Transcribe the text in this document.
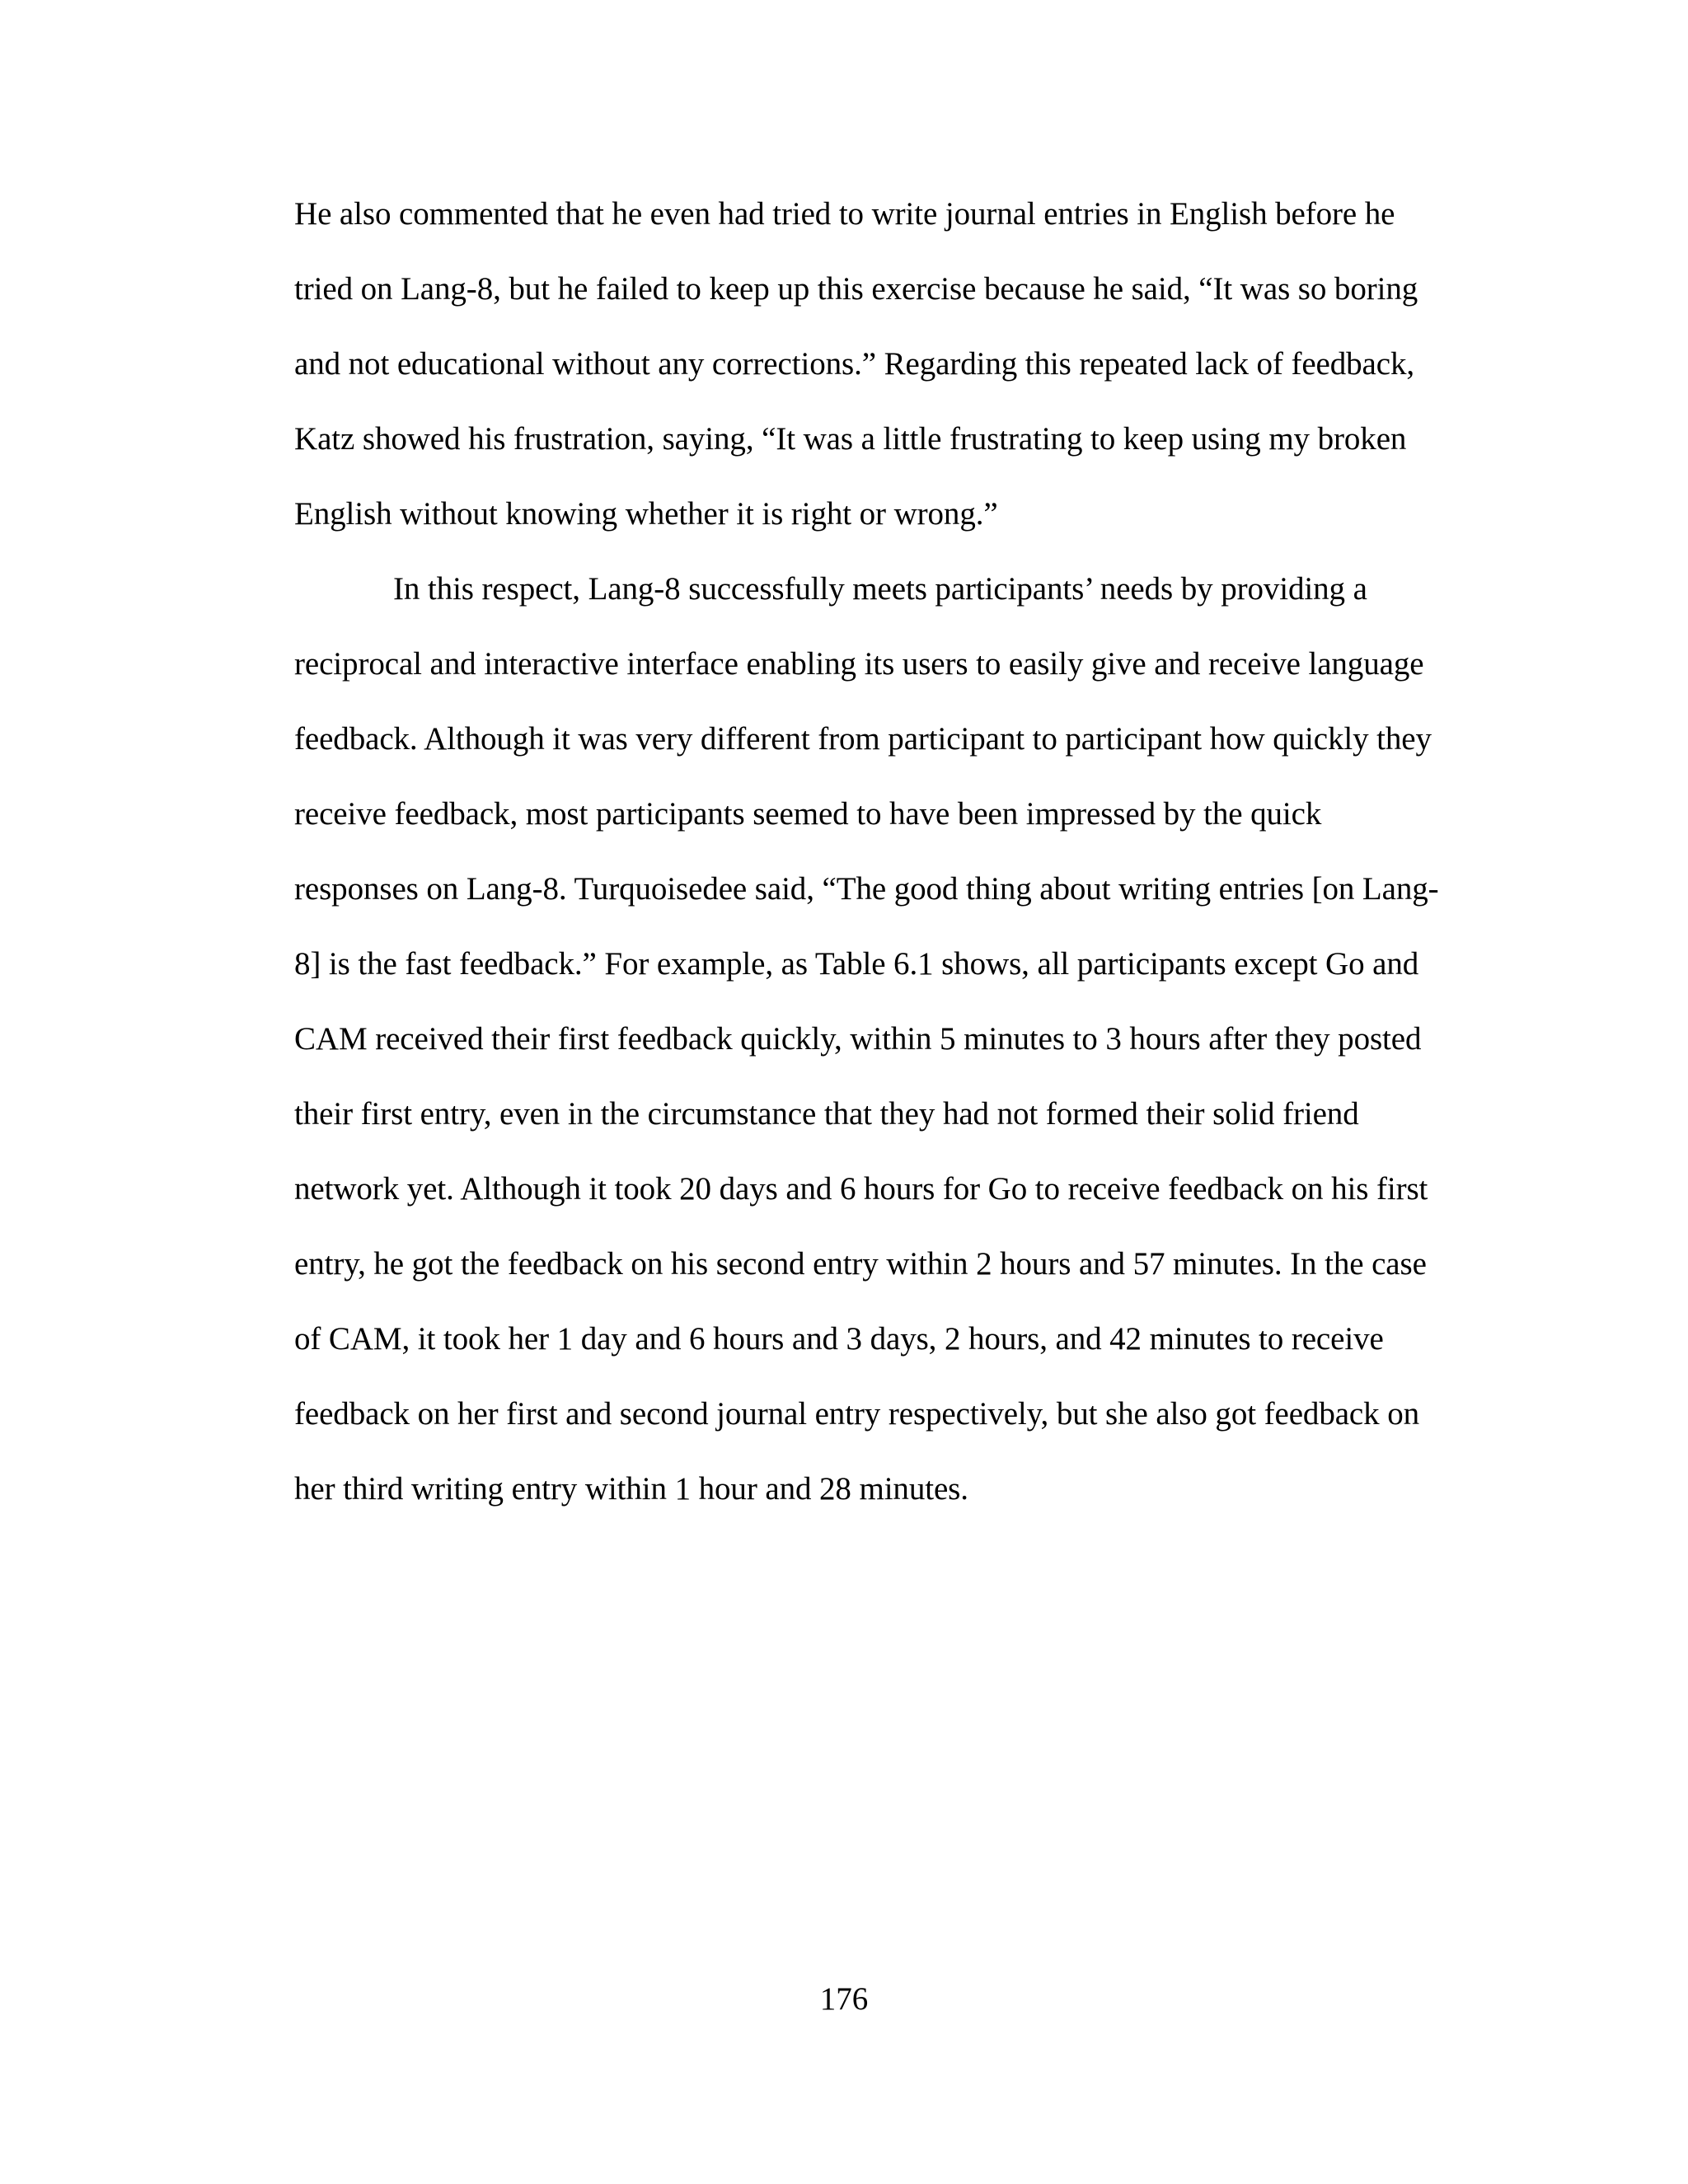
He also commented that he even had tried to write journal entries in English before he
tried on Lang-8, but he failed to keep up this exercise because he said, “It was so boring
and not educational without any corrections.” Regarding this repeated lack of feedback,
Katz showed his frustration, saying, “It was a little frustrating to keep using my broken
English without knowing whether it is right or wrong.”
In this respect, Lang-8 successfully meets participants’ needs by providing a
reciprocal and interactive interface enabling its users to easily give and receive language
feedback. Although it was very different from participant to participant how quickly they
receive feedback, most participants seemed to have been impressed by the quick
responses on Lang-8. Turquoisedee said, “The good thing about writing entries [on Lang-
8] is the fast feedback.” For example, as Table 6.1 shows, all participants except Go and
CAM received their first feedback quickly, within 5 minutes to 3 hours after they posted
their first entry, even in the circumstance that they had not formed their solid friend
network yet. Although it took 20 days and 6 hours for Go to receive feedback on his first
entry, he got the feedback on his second entry within 2 hours and 57 minutes. In the case
of CAM, it took her 1 day and 6 hours and 3 days, 2 hours, and 42 minutes to receive
feedback on her first and second journal entry respectively, but she also got feedback on
her third writing entry within 1 hour and 28 minutes.
176
